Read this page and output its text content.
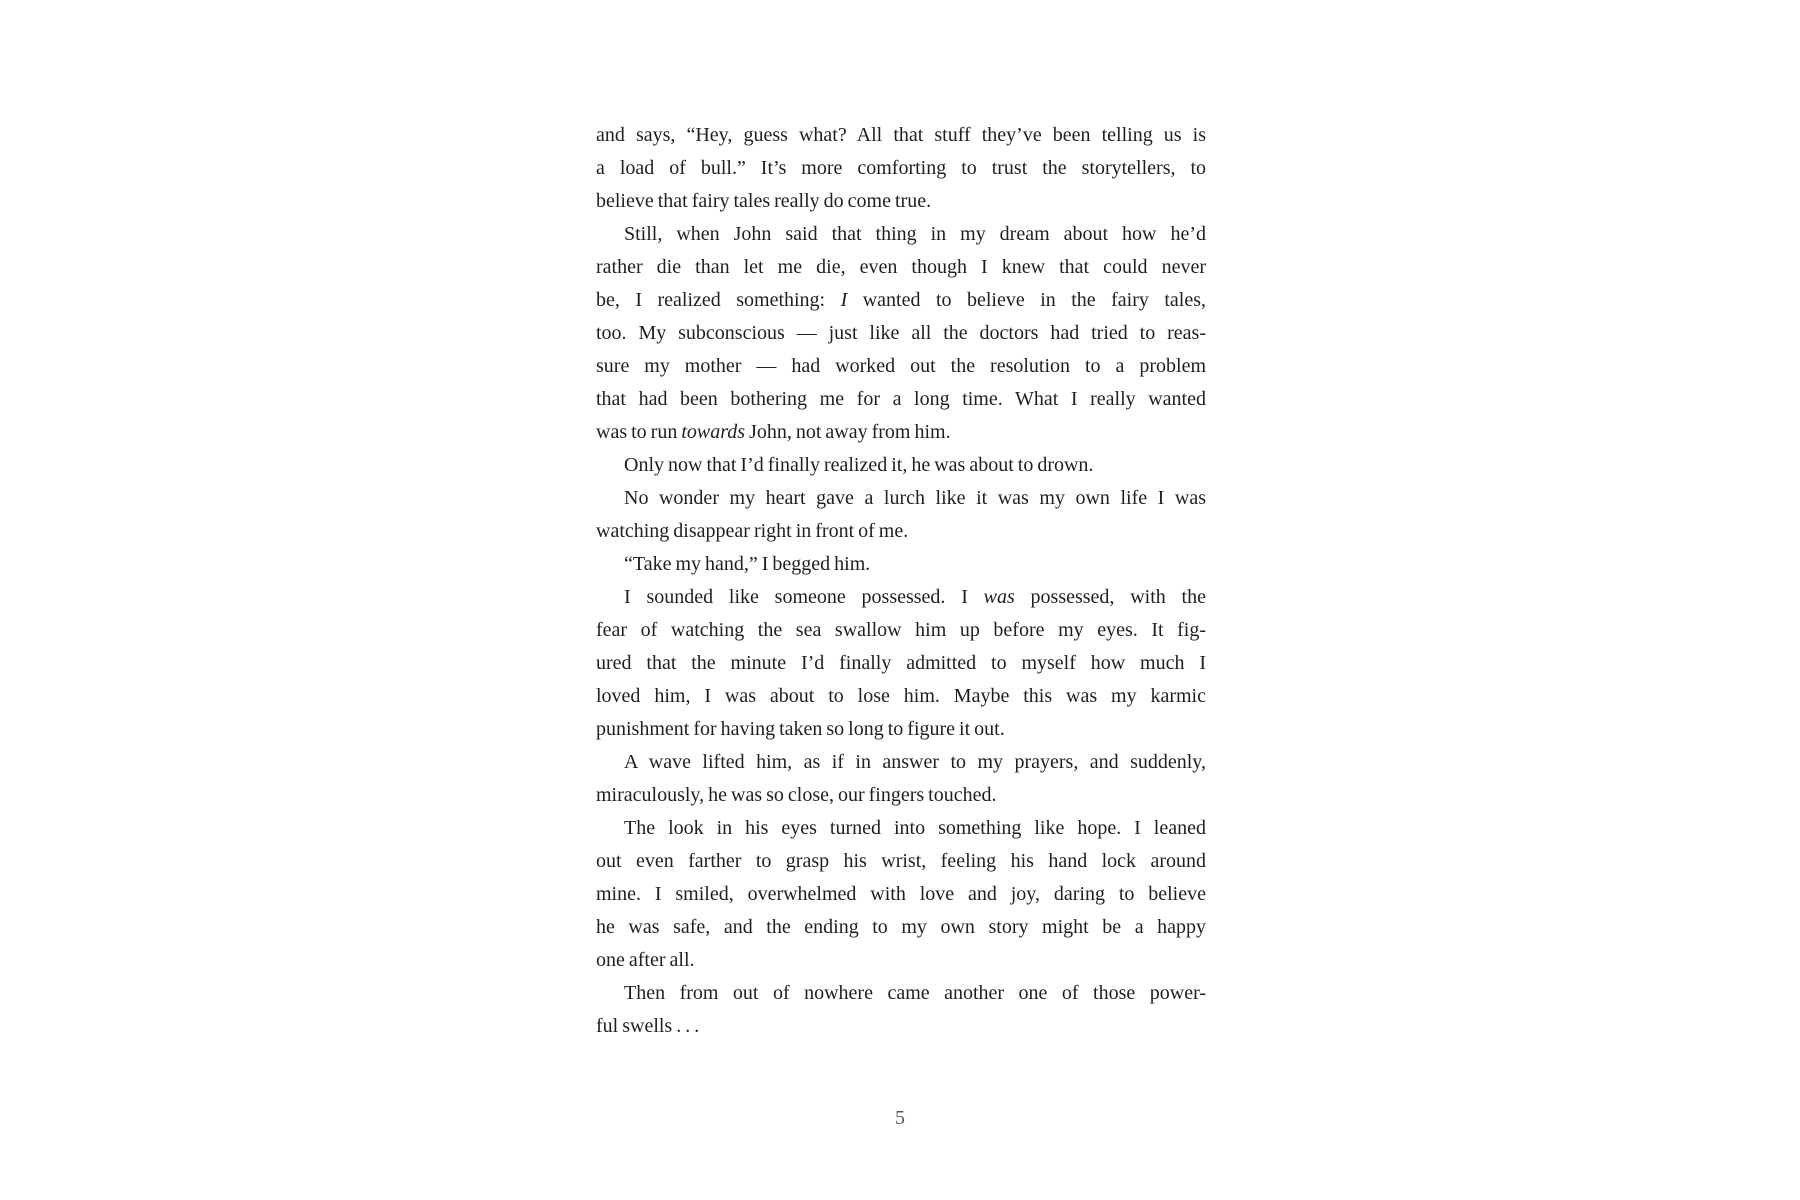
and says, “Hey, guess what? All that stuff they’ve been telling us is
a load of bull.” It’s more comforting to trust the storytellers, to
believe that fairy tales really do come true.
Still, when John said that thing in my dream about how he’d
rather die than let me die, even though I knew that could never
be, I realized something: I wanted to believe in the fairy tales,
too. My subconscious — just like all the doctors had tried to reas-
sure my mother — had worked out the resolution to a problem
that had been bothering me for a long time. What I really wanted
was to run towards John, not away from him.
Only now that I’d finally realized it, he was about to drown.
No wonder my heart gave a lurch like it was my own life I was
watching disappear right in front of me.
“Take my hand,” I begged him.
I sounded like someone possessed. I was possessed, with the
fear of watching the sea swallow him up before my eyes. It fig-
ured that the minute I’d finally admitted to myself how much I
loved him, I was about to lose him. Maybe this was my karmic
punishment for having taken so long to figure it out.
A wave lifted him, as if in answer to my prayers, and suddenly,
miraculously, he was so close, our fingers touched.
The look in his eyes turned into something like hope. I leaned
out even farther to grasp his wrist, feeling his hand lock around
mine. I smiled, overwhelmed with love and joy, daring to believe
he was safe, and the ending to my own story might be a happy
one after all.
Then from out of nowhere came another one of those power-
ful swells . . .
5
